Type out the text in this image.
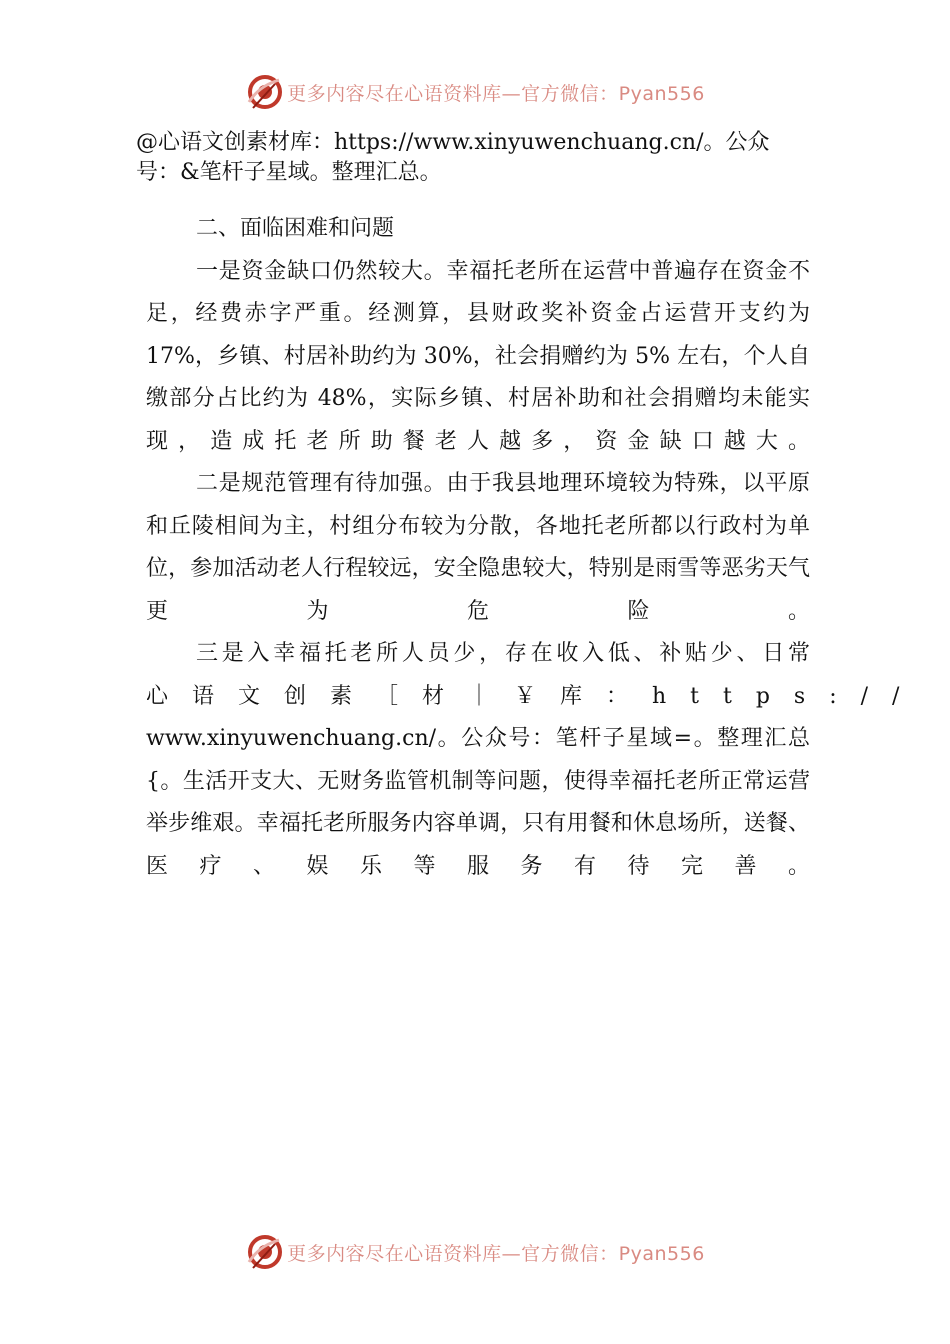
更多内容尽在心语资料库—官方微信：Pyan556
@心语文创素材库：https://www.xinyuwenchuang.cn/。公众
号：&笔杆子星域。整理汇总。

二、面临困难和问题

一是资金缺口仍然较大。幸福托老所在运营中普遍存在资金不足，经费赤字严重。经测算，县财政奖补资金占运营开支约为 17%，乡镇、村居补助约为 30%，社会捐赠约为 5% 左右，个人自缴部分占比约为 48%，实际乡镇、村居补助和社会捐赠均未能实现，造成托老所助餐老人越多，资金缺口越大。

二是规范管理有待加强。由于我县地理环境较为特殊，以平原和丘陵相间为主，村组分布较为分散，各地托老所都以行政村为单位，参加活动老人行程较远，安全隐患较大，特别是雨雪等恶劣天气更为危险。

三是入幸福托老所人员少，存在收入低、补贴少、日常

心语文创素［材｜￥库：https://

www.xinyuwenchuang.cn/。公众号：笔杆子星域=。整理汇总{。生活开支大、无财务监管机制等问题，使得幸福托老所正常运营举步维艰。幸福托老所服务内容单调，只有用餐和休息场所，送餐、医疗、娱乐等服务有待完善。

更多内容尽在心语资料库—官方微信：Pyan556
